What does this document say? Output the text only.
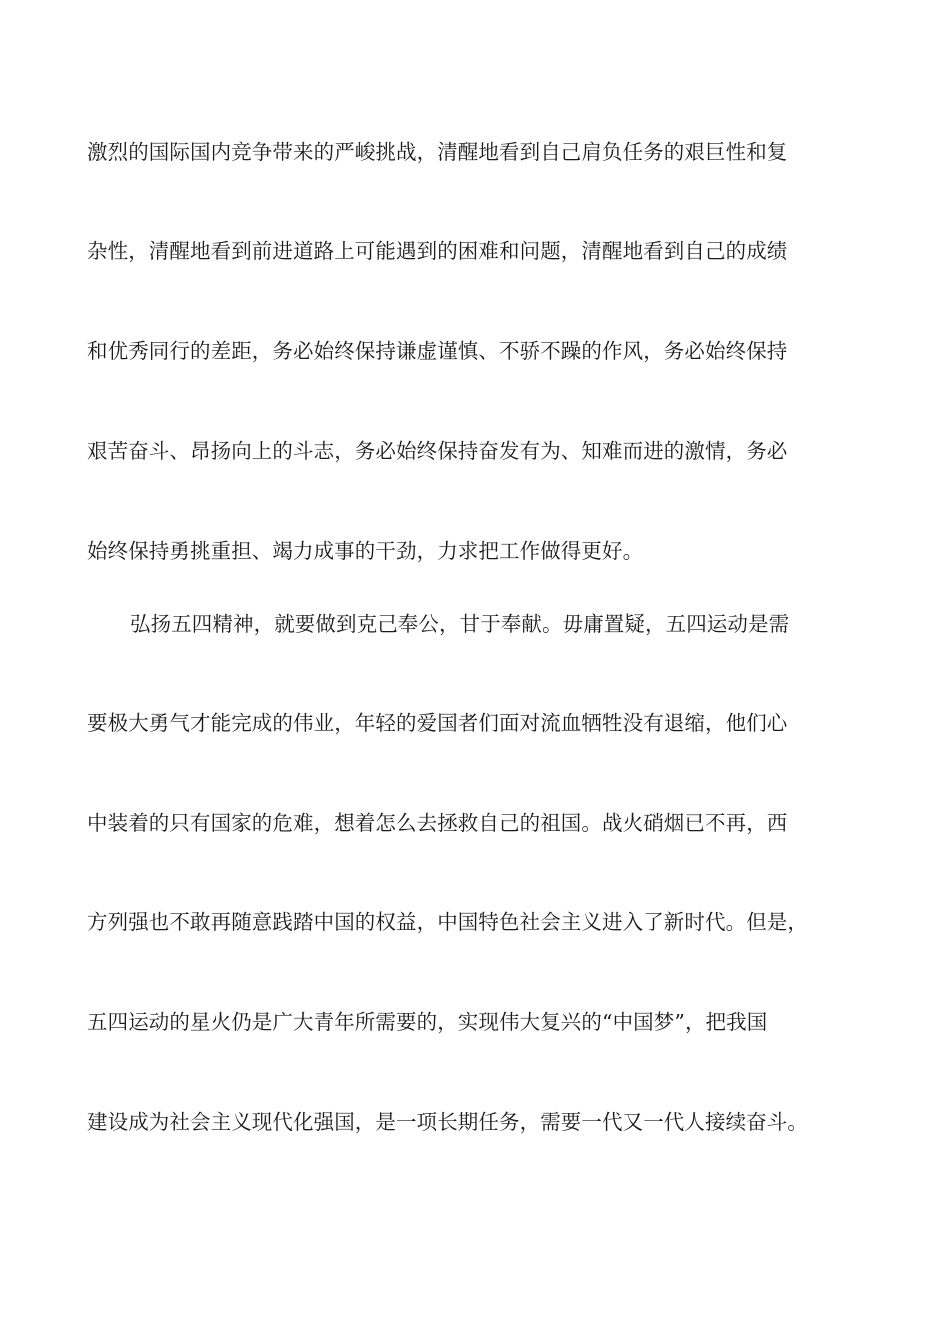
激烈的国际国内竞争带来的严峻挑战，清醒地看到自己肩负任务的艰巨性和复
杂性，清醒地看到前进道路上可能遇到的困难和问题，清醒地看到自己的成绩
和优秀同行的差距，务必始终保持谦虚谨慎、不骄不躁的作风，务必始终保持
艰苦奋斗、昂扬向上的斗志，务必始终保持奋发有为、知难而进的激情，务必
始终保持勇挑重担、竭力成事的干劲，力求把工作做得更好。
弘扬五四精神，就要做到克己奉公，甘于奉献。毋庸置疑，五四运动是需
要极大勇气才能完成的伟业，年轻的爱国者们面对流血牺牲没有退缩，他们心
中装着的只有国家的危难，想着怎么去拯救自己的祖国。战火硝烟已不再，西
方列强也不敢再随意践踏中国的权益，中国特色社会主义进入了新时代。但是，
五四运动的星火仍是广大青年所需要的，实现伟大复兴的“中国梦”，把我国
建设成为社会主义现代化强国，是一项长期任务，需要一代又一代人接续奋斗。
